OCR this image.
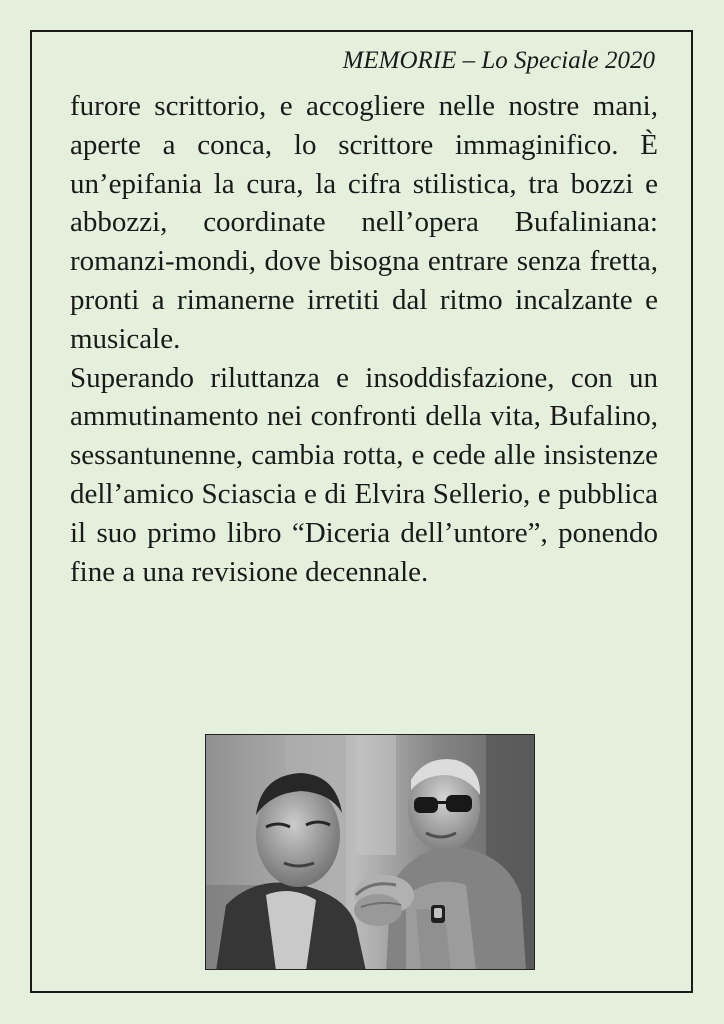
MEMORIE – Lo Speciale 2020

furore scrittorio, e accogliere nelle nostre mani, aperte a conca, lo scrittore immaginifico. È un’epifania la cura, la cifra stilistica, tra bozzi e abbozzi, coordinate nell’opera Bufaliniana: romanzi-mondi, dove bisogna entrare senza fretta, pronti a rimanerne irretiti dal ritmo incalzante e musicale.

Superando riluttanza e insoddisfazione, con un ammutinamento nei confronti della vita, Bufalino, sessantunenne, cambia rotta, e cede alle insistenze dell’amico Sciascia e di Elvira Sellerio, e pubblica il suo primo libro “Diceria dell’untore”, ponendo fine a una revisione decennale.
